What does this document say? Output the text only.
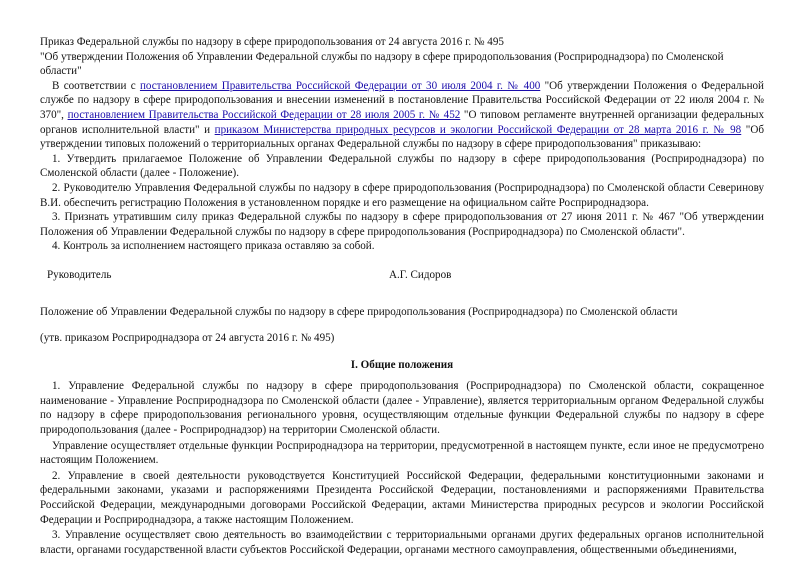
Приказ Федеральной службы по надзору в сфере природопользования от 24 августа 2016 г. № 495

"Об утверждении Положения об Управлении Федеральной службы по надзору в сфере природопользования (Росприроднадзора) по Смоленской области"

В соответствии с постановлением Правительства Российской Федерации от 30 июля 2004 г. № 400 "Об утверждении Положения о Федеральной службе по надзору в сфере природопользования и внесении изменений в постановление Правительства Российской Федерации от 22 июля 2004 г. № 370", постановлением Правительства Российской Федерации от 28 июля 2005 г. № 452 "О типовом регламенте внутренней организации федеральных органов исполнительной власти" и приказом Министерства природных ресурсов и экологии Российской Федерации от 28 марта 2016 г. № 98 "Об утверждении типовых положений о территориальных органах Федеральной службы по надзору в сфере природопользования" приказываю:

1. Утвердить прилагаемое Положение об Управлении Федеральной службы по надзору в сфере природопользования (Росприроднадзора) по Смоленской области (далее - Положение).

2. Руководителю Управления Федеральной службы по надзору в сфере природопользования (Росприроднадзора) по Смоленской области Северинову В.И. обеспечить регистрацию Положения в установленном порядке и его размещение на официальном сайте Росприроднадзора.

3. Признать утратившим силу приказ Федеральной службы по надзору в сфере природопользования от 27 июня 2011 г. № 467 "Об утверждении Положения об Управлении Федеральной службы по надзору в сфере природопользования (Росприроднадзора) по Смоленской области".

4. Контроль за исполнением настоящего приказа оставляю за собой.

Руководитель	А.Г. Сидоров

Положение об Управлении Федеральной службы по надзору в сфере природопользования (Росприроднадзора) по Смоленской области

(утв. приказом Росприроднадзора от 24 августа 2016 г. № 495)

I. Общие положения

1. Управление Федеральной службы по надзору в сфере природопользования (Росприроднадзора) по Смоленской области, сокращенное наименование - Управление Росприроднадзора по Смоленской области (далее - Управление), является территориальным органом Федеральной службы по надзору в сфере природопользования регионального уровня, осуществляющим отдельные функции Федеральной службы по надзору в сфере природопользования (далее - Росприроднадзор) на территории Смоленской области.

Управление осуществляет отдельные функции Росприроднадзора на территории, предусмотренной в настоящем пункте, если иное не предусмотрено настоящим Положением.

2. Управление в своей деятельности руководствуется Конституцией Российской Федерации, федеральными конституционными законами и федеральными законами, указами и распоряжениями Президента Российской Федерации, постановлениями и распоряжениями Правительства Российской Федерации, международными договорами Российской Федерации, актами Министерства природных ресурсов и экологии Российской Федерации и Росприроднадзора, а также настоящим Положением.

3. Управление осуществляет свою деятельность во взаимодействии с территориальными органами других федеральных органов исполнительной власти, органами государственной власти субъектов Российской Федерации, органами местного самоуправления, общественными объединениями,
